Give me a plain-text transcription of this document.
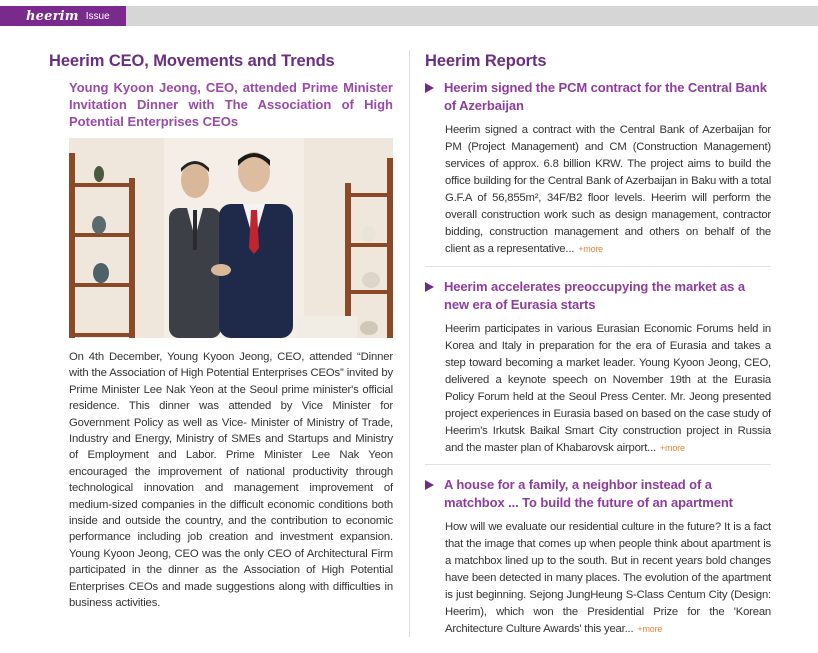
heerim Issue
Heerim CEO, Movements and Trends
Young Kyoon Jeong, CEO, attended Prime Minister Invitation Dinner with The Association of High Potential Enterprises CEOs
On 4th December, Young Kyoon Jeong, CEO, attended “Dinner with the Association of High Potential Enterprises CEOs” invited by Prime Minister Lee Nak Yeon at the Seoul prime minister's official residence. This dinner was attended by Vice Minister for Government Policy as well as Vice- Minister of Ministry of Trade, Industry and Energy, Ministry of SMEs and Startups and Ministry of Employment and Labor. Prime Minister Lee Nak Yeon encouraged the improvement of national productivity through technological innovation and management improvement of medium-sized companies in the difficult economic conditions both inside and outside the country, and the contribution to economic performance including job creation and investment expansion. Young Kyoon Jeong, CEO was the only CEO of Architectural Firm participated in the dinner as the Association of High Potential Enterprises CEOs and made suggestions along with difficulties in business activities.
Heerim Reports
Heerim signed the PCM contract for the Central Bank of Azerbaijan
Heerim signed a contract with the Central Bank of Azerbaijan for PM (Project Management) and CM (Construction Management) services of approx. 6.8 billion KRW. The project aims to build the office building for the Central Bank of Azerbaijan in Baku with a total G.F.A of 56,855m², 34F/B2 floor levels. Heerim will perform the overall construction work such as design management, contractor bidding, construction management and others on behalf of the client as a representative... +more
Heerim accelerates preoccupying the market as a new era of Eurasia starts
Heerim participates in various Eurasian Economic Forums held in Korea and Italy in preparation for the era of Eurasia and takes a step toward becoming a market leader. Young Kyoon Jeong, CEO, delivered a keynote speech on November 19th at the Eurasia Policy Forum held at the Seoul Press Center. Mr. Jeong presented project experiences in Eurasia based on based on the case study of Heerim's Irkutsk Baikal Smart City construction project in Russia and the master plan of Khabarovsk airport... +more
A house for a family, a neighbor instead of a matchbox ... To build the future of an apartment
How will we evaluate our residential culture in the future? It is a fact that the image that comes up when people think about apartment is a matchbox lined up to the south. But in recent years bold changes have been detected in many places. The evolution of the apartment is just beginning. Sejong JungHeung S-Class Centum City (Design: Heerim), which won the Presidential Prize for the 'Korean Architecture Culture Awards' this year... +more
